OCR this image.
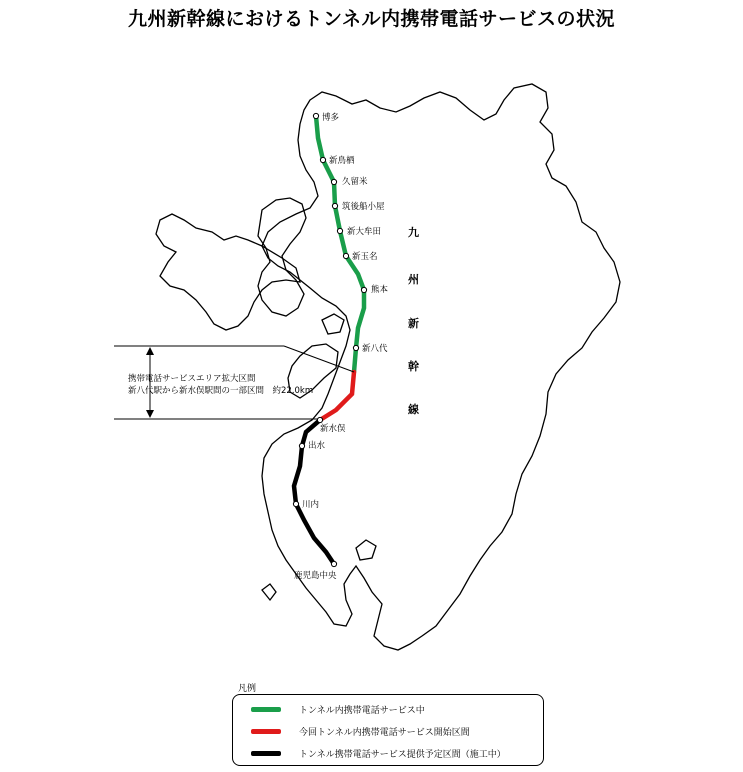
九州新幹線におけるトンネル内携帯電話サービスの状況
携帯電話サービスエリア拡大区間
新八代駅から新水俣駅間の一部区間　約22.0km
博多
新鳥栖
久留米
筑後船小屋
新大牟田
新玉名
熊本
新八代
新水俣
出水
川内
鹿児島中央
九
州
新
幹
線
凡例
トンネル内携帯電話サービス中
今回トンネル内携帯電話サービス開始区間
トンネル携帯電話サービス提供予定区間（施工中）
